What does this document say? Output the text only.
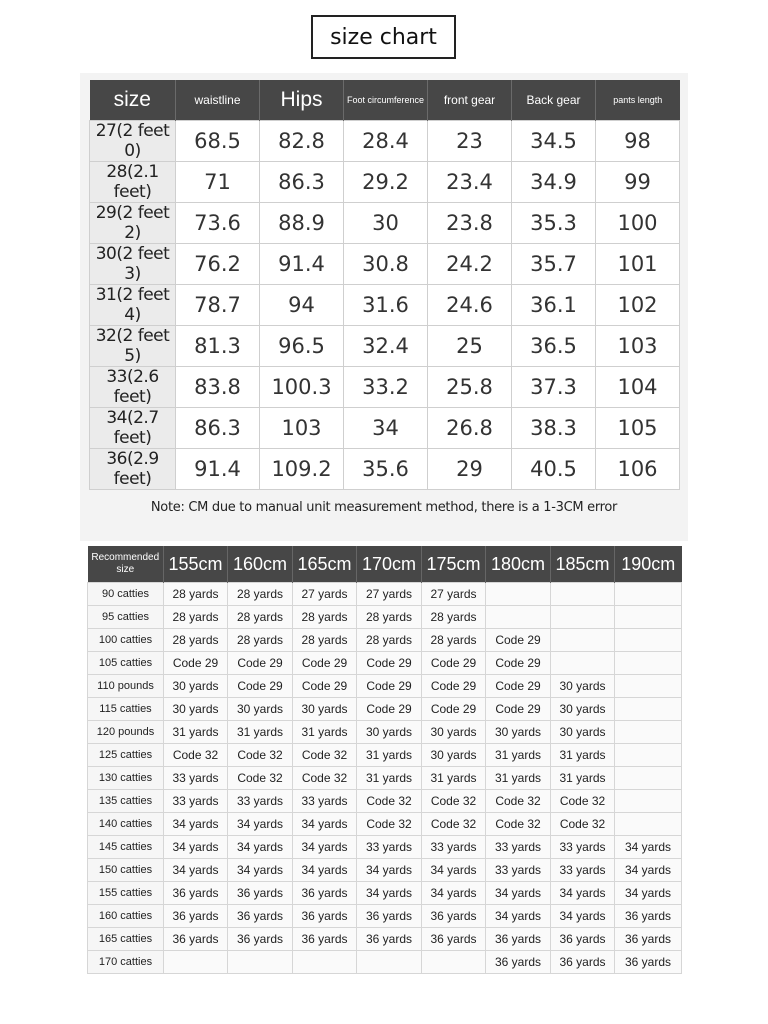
size chart
size	waistline	Hips	Foot circumference	front gear	Back gear	pants length
27(2 feet 0)	68.5	82.8	28.4	23	34.5	98
28(2.1 feet)	71	86.3	29.2	23.4	34.9	99
29(2 feet 2)	73.6	88.9	30	23.8	35.3	100
30(2 feet 3)	76.2	91.4	30.8	24.2	35.7	101
31(2 feet 4)	78.7	94	31.6	24.6	36.1	102
32(2 feet 5)	81.3	96.5	32.4	25	36.5	103
33(2.6 feet)	83.8	100.3	33.2	25.8	37.3	104
34(2.7 feet)	86.3	103	34	26.8	38.3	105
36(2.9 feet)	91.4	109.2	35.6	29	40.5	106
Note: CM due to manual unit measurement method, there is a 1-3CM error
Recommended size	155cm	160cm	165cm	170cm	175cm	180cm	185cm	190cm
90 catties	28 yards	28 yards	27 yards	27 yards	27 yards			
95 catties	28 yards	28 yards	28 yards	28 yards	28 yards			
100 catties	28 yards	28 yards	28 yards	28 yards	28 yards	Code 29		
105 catties	Code 29	Code 29	Code 29	Code 29	Code 29	Code 29		
110 pounds	30 yards	Code 29	Code 29	Code 29	Code 29	Code 29	30 yards	
115 catties	30 yards	30 yards	30 yards	Code 29	Code 29	Code 29	30 yards	
120 pounds	31 yards	31 yards	31 yards	30 yards	30 yards	30 yards	30 yards	
125 catties	Code 32	Code 32	Code 32	31 yards	30 yards	31 yards	31 yards	
130 catties	33 yards	Code 32	Code 32	31 yards	31 yards	31 yards	31 yards	
135 catties	33 yards	33 yards	33 yards	Code 32	Code 32	Code 32	Code 32	
140 catties	34 yards	34 yards	34 yards	Code 32	Code 32	Code 32	Code 32	
145 catties	34 yards	34 yards	34 yards	33 yards	33 yards	33 yards	33 yards	34 yards
150 catties	34 yards	34 yards	34 yards	34 yards	34 yards	33 yards	33 yards	34 yards
155 catties	36 yards	36 yards	36 yards	34 yards	34 yards	34 yards	34 yards	34 yards
160 catties	36 yards	36 yards	36 yards	36 yards	36 yards	34 yards	34 yards	36 yards
165 catties	36 yards	36 yards	36 yards	36 yards	36 yards	36 yards	36 yards	36 yards
170 catties						36 yards	36 yards	36 yards
